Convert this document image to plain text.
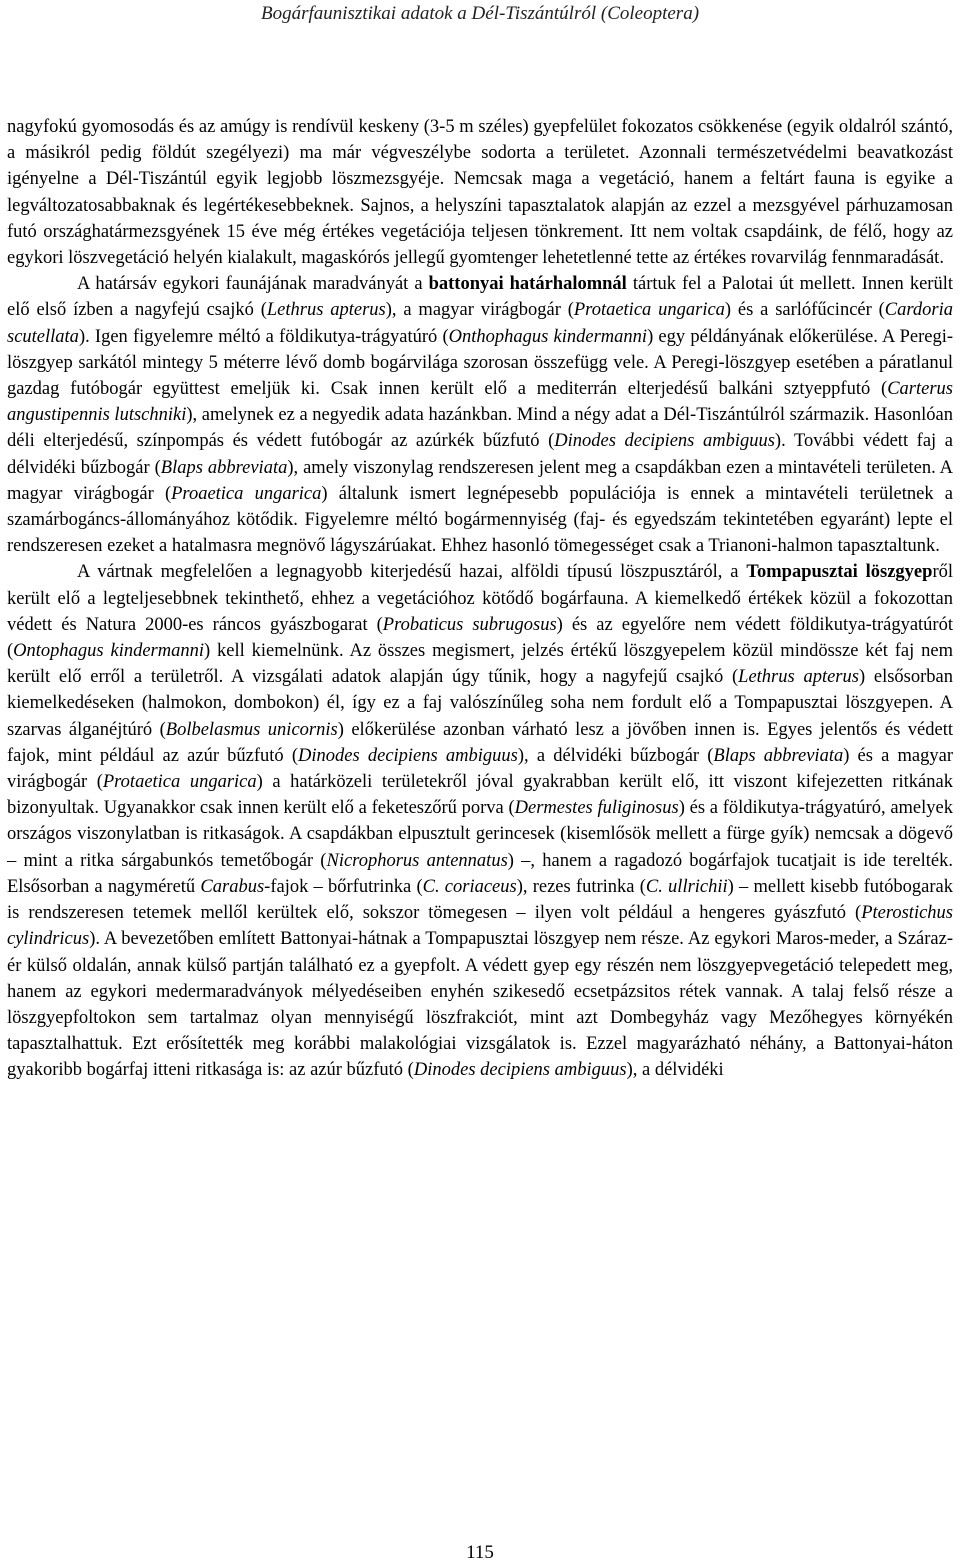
Bogárfaunisztikai adatok a Dél-Tiszántúlról (Coleoptera)

nagyfokú gyomosodás és az amúgy is rendívül keskeny (3-5 m széles) gyepfelület fokozatos csökkenése (egyik oldalról szántó, a másikról pedig földút szegélyezi) ma már végveszélybe sodorta a területet. Azonnali természetvédelmi beavatkozást igényelne a Dél-Tiszántúl egyik legjobb löszmezsgyéje. Nemcsak maga a vegetáció, hanem a feltárt fauna is egyike a legváltozatosabbaknak és legértékesebbeknek. Sajnos, a helyszíni tapasztalatok alapján az ezzel a mezsgyével párhuzamosan futó országhatármezsgyének 15 éve még értékes vegetációja teljesen tönkrement. Itt nem voltak csapdáink, de félő, hogy az egykori löszvegetáció helyén kialakult, magaskórós jellegű gyomtenger lehetetlenné tette az értékes rovarvilág fennmaradását.

A határsáv egykori faunájának maradványát a battonyai határhalomnál tártuk fel a Palotai út mellett. Innen került elő első ízben a nagyfejú csajkó (Lethrus apterus), a magyar virágbogár (Protaetica ungarica) és a sarlófűcincér (Cardoria scutellata). Igen figyelemre méltó a földikutya-trágyatúró (Onthophagus kindermanni) egy példányának előkerülése. A Peregi-löszgyep sarkától mintegy 5 méterre lévő domb bogárvilága szorosan összefügg vele. A Peregi-löszgyep esetében a páratlanul gazdag futóbogár együttest emeljük ki. Csak innen került elő a mediterrán elterjedésű balkáni sztyeppfutó (Carterus angustipennis lutschniki), amelynek ez a negyedik adata hazánkban. Mind a négy adat a Dél-Tiszántúlról származik. Hasonlóan déli elterjedésű, színpompás és védett futóbogár az azúrkék bűzfutó (Dinodes decipiens ambiguus). További védett faj a délvidéki bűzbogár (Blaps abbreviata), amely viszonylag rendszeresen jelent meg a csapdákban ezen a mintavételi területen. A magyar virágbogár (Proaetica ungarica) általunk ismert legnépesebb populációja is ennek a mintavételi területnek a szamárbogáncs-állományához kötődik. Figyelemre méltó bogármennyiség (faj- és egyedszám tekintetében egyaránt) lepte el rendszeresen ezeket a hatalmasra megnövő lágyszárúakat. Ehhez hasonló tömegességet csak a Trianoni-halmon tapasztaltunk.

A vártnak megfelelően a legnagyobb kiterjedésű hazai, alföldi típusú löszpusztáról, a Tompapusztai löszgyepről került elő a legteljesebbnek tekinthető, ehhez a vegetációhoz kötődő bogárfauna. A kiemelkedő értékek közül a fokozottan védett és Natura 2000-es ráncos gyászbogarat (Probaticus subrugosus) és az egyelőre nem védett földikutya-trágyatúrót (Ontophagus kindermanni) kell kiemelnünk. Az összes megismert, jelzés értékű löszgyepelem közül mindössze két faj nem került elő erről a területről. A vizsgálati adatok alapján úgy tűnik, hogy a nagyfejű csajkó (Lethrus apterus) elsősorban kiemelkedéseken (halmokon, dombokon) él, így ez a faj valószínűleg soha nem fordult elő a Tompapusztai löszgyepen. A szarvas álganéjtúró (Bolbelasmus unicornis) előkerülése azonban várható lesz a jövőben innen is. Egyes jelentős és védett fajok, mint például az azúr bűzfutó (Dinodes decipiens ambiguus), a délvidéki bűzbogár (Blaps abbreviata) és a magyar virágbogár (Protaetica ungarica) a határközeli területekről jóval gyakrabban került elő, itt viszont kifejezetten ritkának bizonyultak. Ugyanakkor csak innen került elő a feketeszőrű porva (Dermestes fuliginosus) és a földikutya-trágyatúró, amelyek országos viszonylatban is ritkaságok. A csapdákban elpusztult gerincesek (kisemlősök mellett a fürge gyík) nemcsak a dögevő – mint a ritka sárgabunkós temetőbogár (Nicrophorus antennatus) –, hanem a ragadozó bogárfajok tucatjait is ide terelték. Elsősorban a nagyméretű Carabus-fajok – bőrfutrinka (C. coriaceus), rezes futrinka (C. ullrichii) – mellett kisebb futóbogarak is rendszeresen tetemek mellől kerültek elő, sokszor tömegesen – ilyen volt például a hengeres gyászfutó (Pterostichus cylindricus). A bevezetőben említett Battonyai-hátnak a Tompapusztai löszgyep nem része. Az egykori Maros-meder, a Száraz-ér külső oldalán, annak külső partján található ez a gyepfolt. A védett gyep egy részén nem löszgyepvegetáció telepedett meg, hanem az egykori medermaradványok mélyedéseiben enyhén szikesedő ecsetpázsitos rétek vannak. A talaj felső része a löszgyepfoltokon sem tartalmaz olyan mennyiségű löszfrakciót, mint azt Dombegyház vagy Mezőhegyes környékén tapasztalhattuk. Ezt erősítették meg korábbi malakológiai vizsgálatok is. Ezzel magyarázható néhány, a Battonyai-háton gyakoribb bogárfaj itteni ritkasága is: az azúr bűzfutó (Dinodes decipiens ambiguus), a délvidéki

115
